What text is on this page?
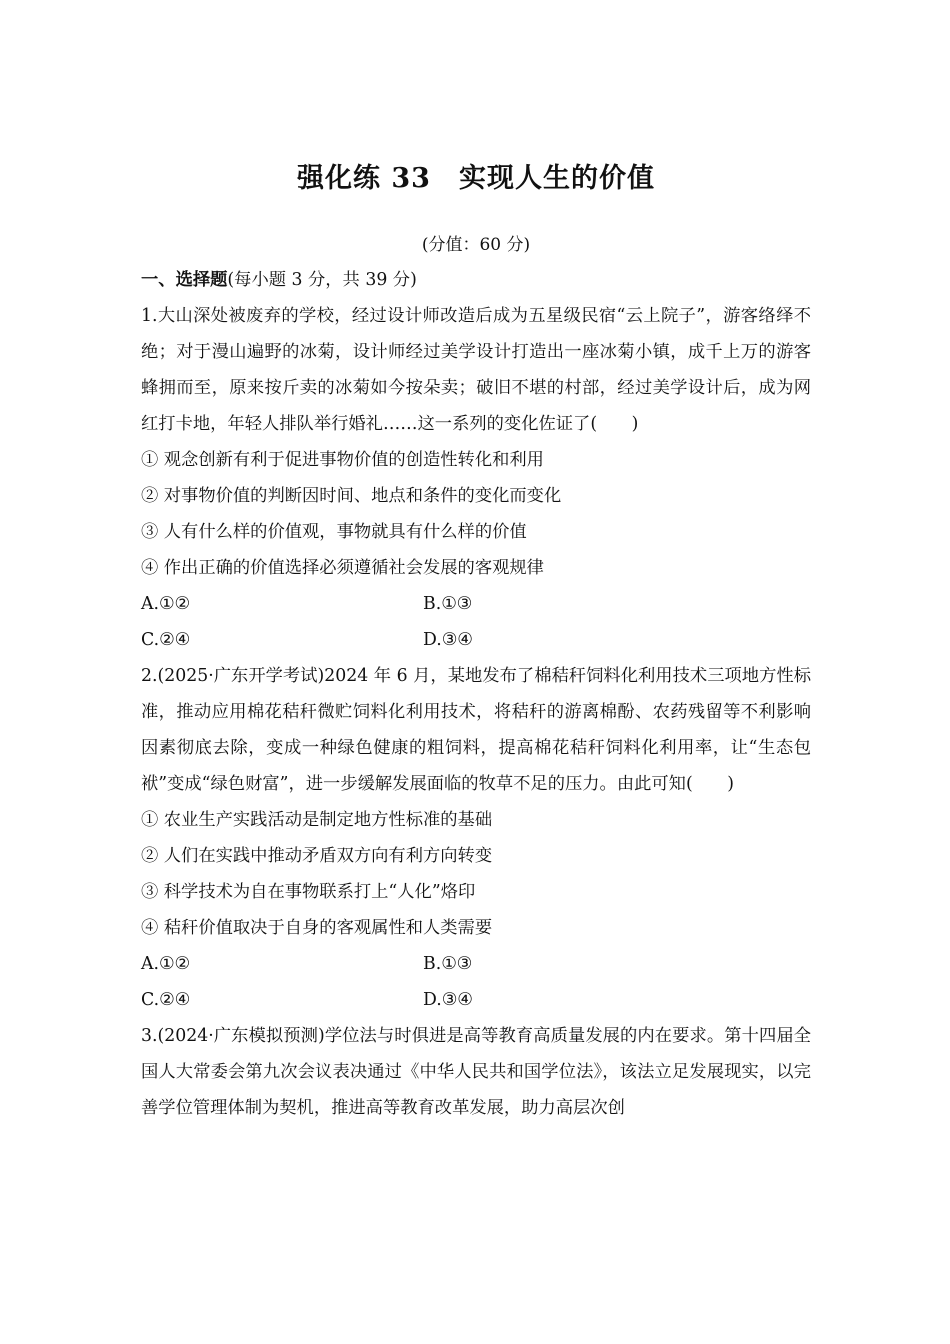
强化练 33　实现人生的价值
(分值：60 分)
一、选择题(每小题 3 分，共 39 分)

1.大山深处被废弃的学校，经过设计师改造后成为五星级民宿“云上院子”，游客络绎不绝；对于漫山遍野的冰菊，设计师经过美学设计打造出一座冰菊小镇，成千上万的游客蜂拥而至，原来按斤卖的冰菊如今按朵卖；破旧不堪的村部，经过美学设计后，成为网红打卡地，年轻人排队举行婚礼……这一系列的变化佐证了(　　)

① 观念创新有利于促进事物价值的创造性转化和利用

② 对事物价值的判断因时间、地点和条件的变化而变化

③ 人有什么样的价值观，事物就具有什么样的价值

④ 作出正确的价值选择必须遵循社会发展的客观规律

A.①②	B.①③
C.②④	D.③④

2.(2025·广东开学考试)2024 年 6 月，某地发布了棉秸秆饲料化利用技术三项地方性标准，推动应用棉花秸秆微贮饲料化利用技术，将秸秆的游离棉酚、农药残留等不利影响因素彻底去除，变成一种绿色健康的粗饲料，提高棉花秸秆饲料化利用率，让“生态包袱”变成“绿色财富”，进一步缓解发展面临的牧草不足的压力。由此可知(　　)

① 农业生产实践活动是制定地方性标准的基础

② 人们在实践中推动矛盾双方向有利方向转变

③ 科学技术为自在事物联系打上“人化”烙印

④ 秸秆价值取决于自身的客观属性和人类需要

A.①②	B.①③
C.②④	D.③④

3.(2024·广东模拟预测)学位法与时俱进是高等教育高质量发展的内在要求。第十四届全国人大常委会第九次会议表决通过《中华人民共和国学位法》，该法立足发展现实，以完善学位管理体制为契机，推进高等教育改革发展，助力高层次创
